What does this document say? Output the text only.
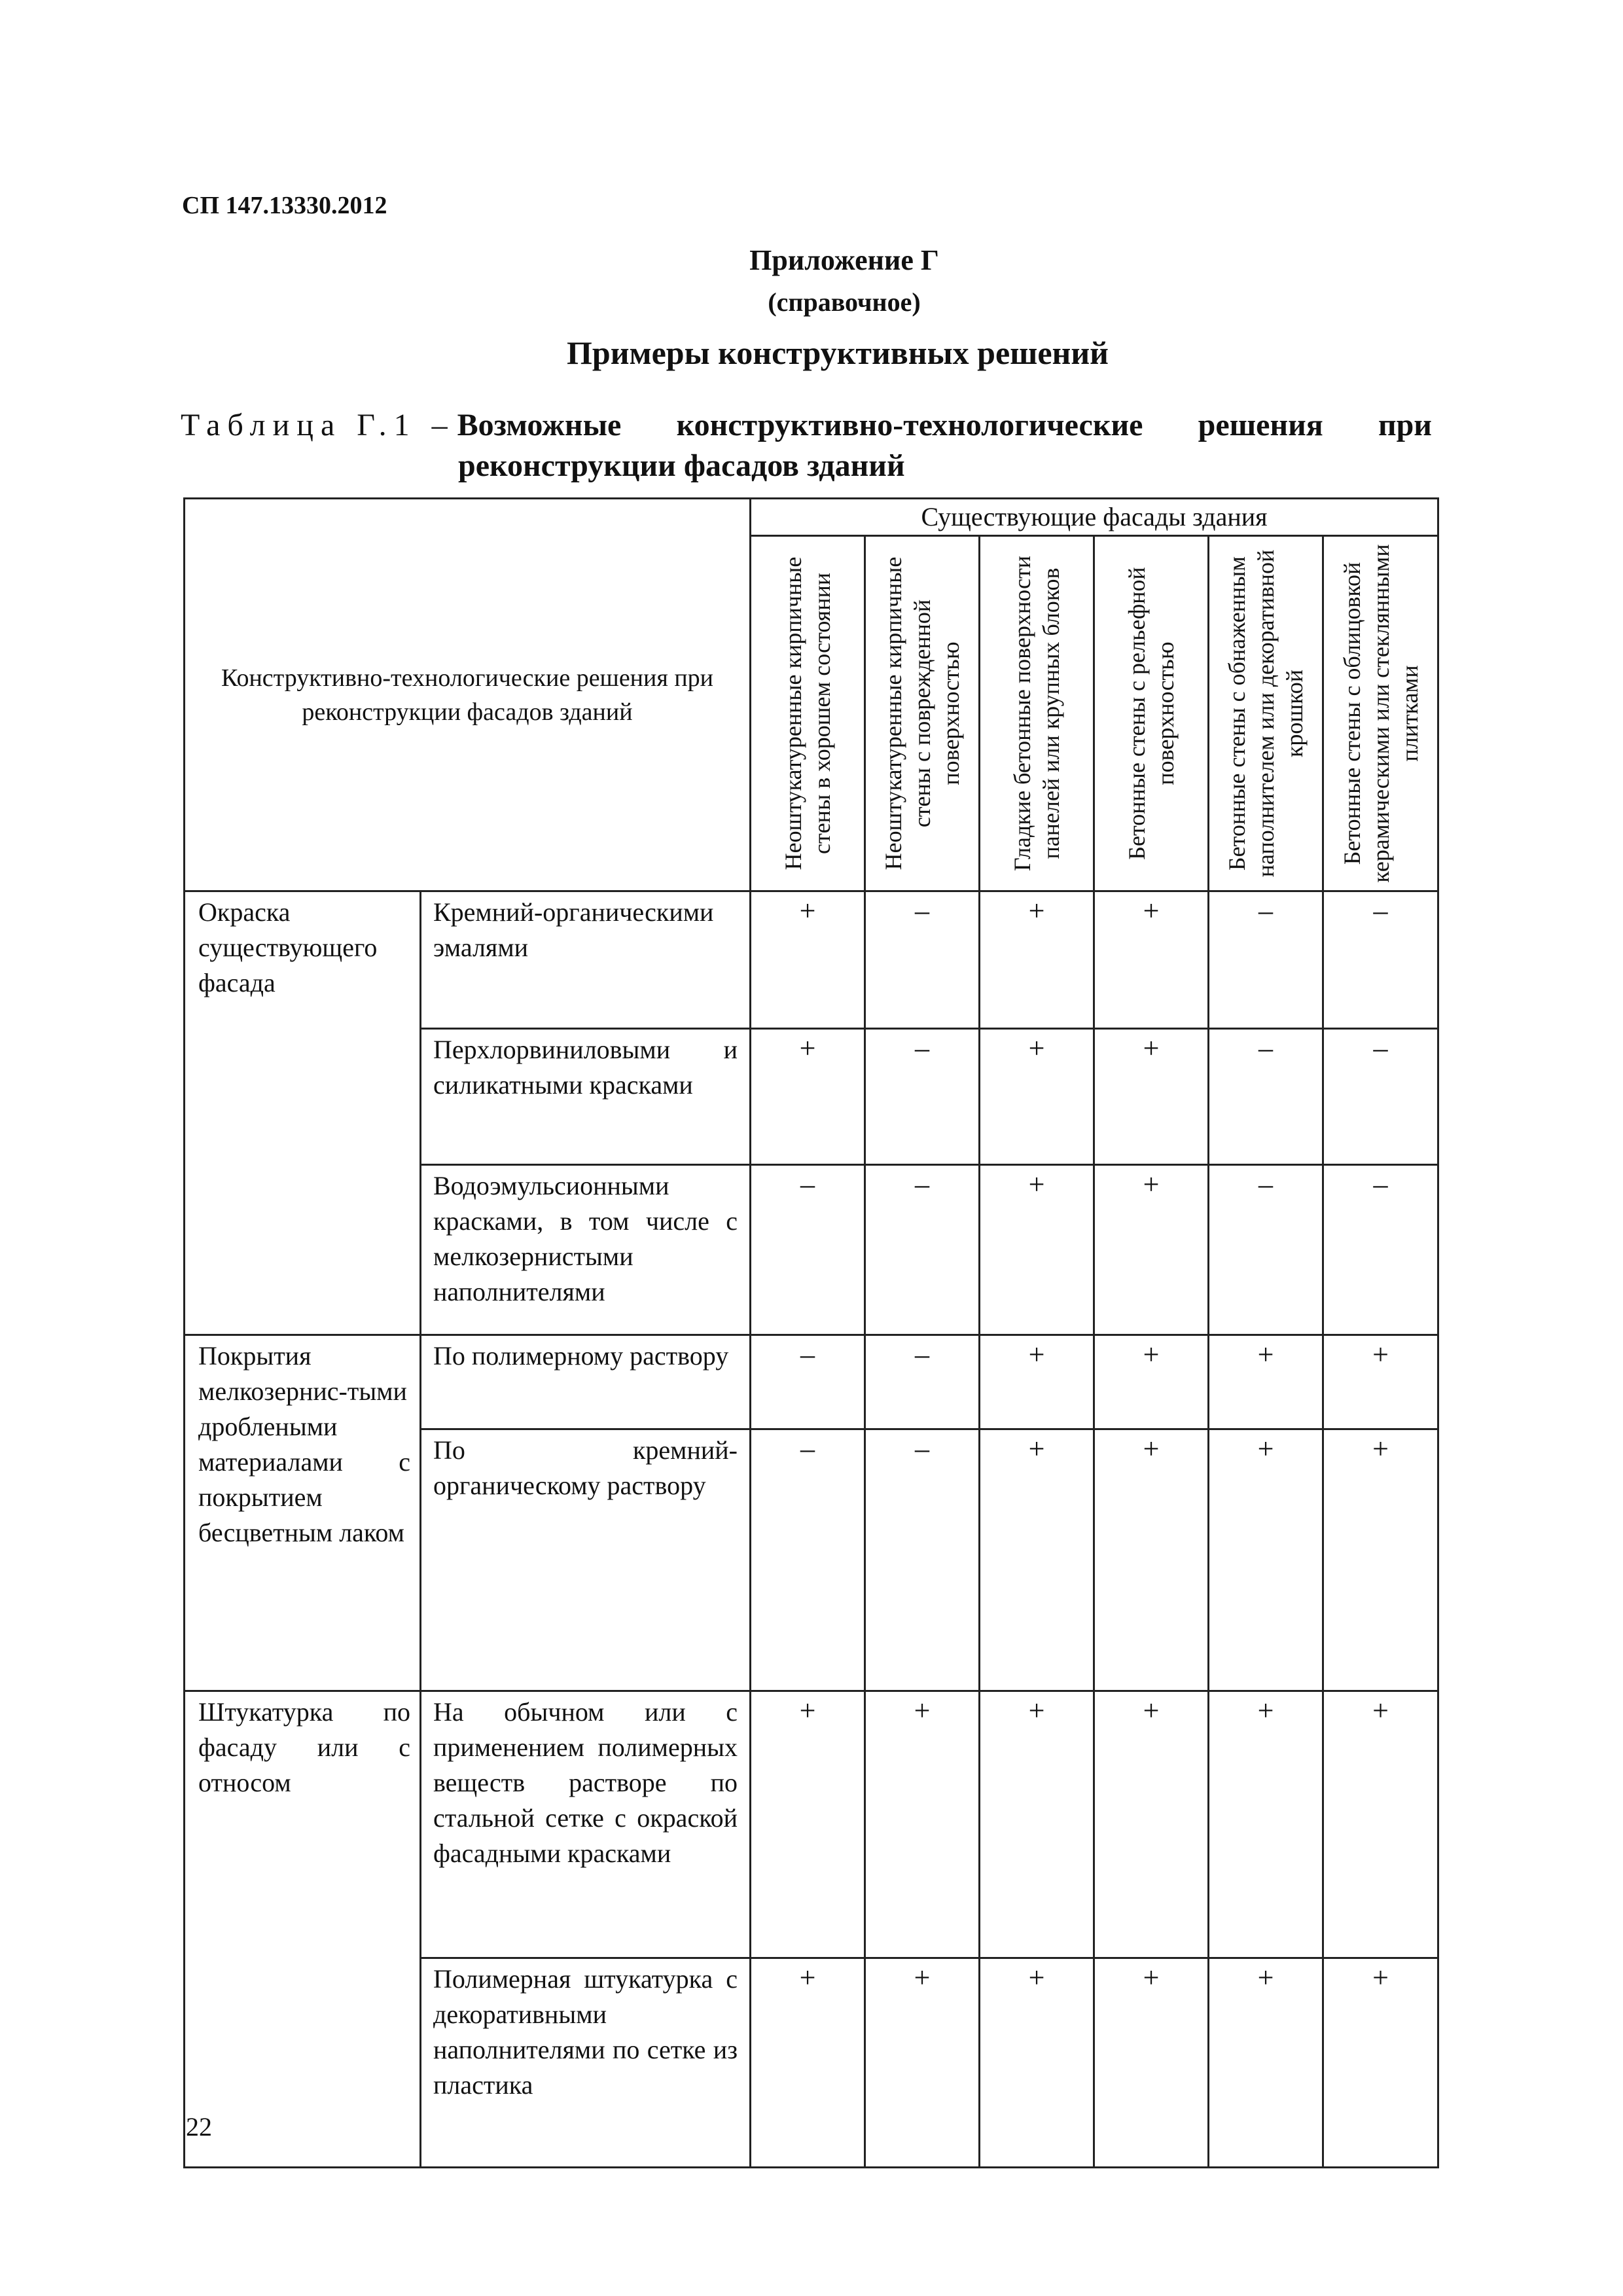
СП 147.13330.2012
Приложение Г
(справочное)
Примеры конструктивных решений
Таблица Г.1 – Возможные конструктивно-технологические решения при
реконструкции фасадов зданий
Конструктивно-технологические решения при реконструкции фасадов зданий		Существующие фасады здания					

		Неоштукатуренные кирпичные стены в хорошем состоянии	Неоштукатуренные кирпичные стены с поврежденной поверхностью	Гладкие бетонные поверхности панелей или крупных блоков	Бетонные стены с рельефной поверхностью	Бетонные стены с обнаженным наполнителем или декоративной крошкой	Бетонные стены с облицовкой керамическими или стеклянными плитками

Окраска существующего фасада	Кремний-органическими эмалями	+	–	+	+	–	–
	Перхлорвиниловыми и силикатными красками	+	–	+	+	–	–
	Водоэмульсионными красками, в том числе с мелкозернистыми наполнителями	–	–	+	+	–	–
Покрытия мелкозернис-тыми дроблеными материалами с покрытием бесцветным лаком	По полимерному раствору	–	–	+	+	+	+
	По кремний-органическому раствору	–	–	+	+	+	+
Штукатурка по фасаду или с относом	На обычном или с применением полимерных веществ растворе по стальной сетке с окраской фасадными красками	+	+	+	+	+	+
	Полимерная штукатурка с декоративными наполнителями по сетке из пластика	+	+	+	+	+	+
22
